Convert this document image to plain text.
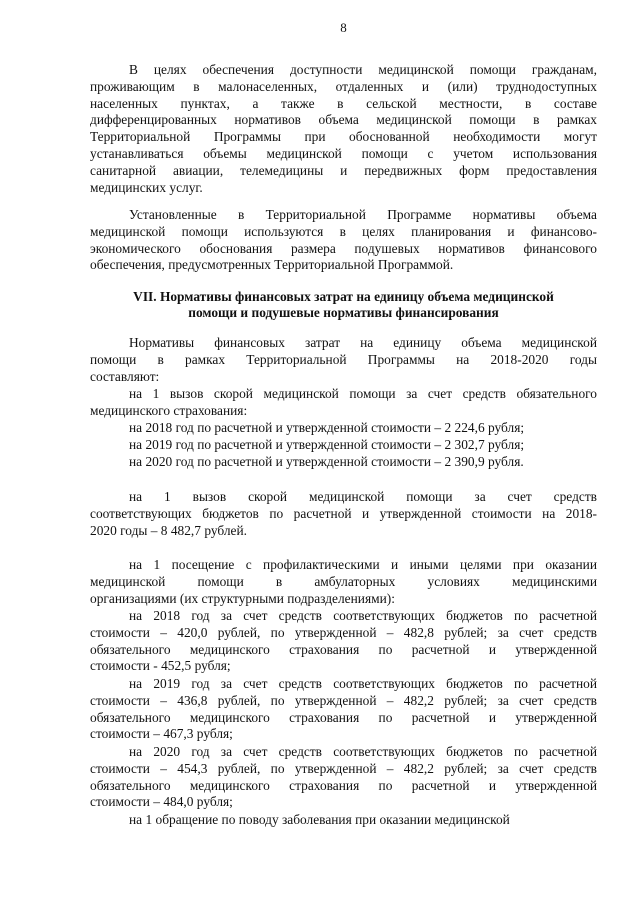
8
В целях обеспечения доступности медицинской помощи гражданам,
проживающим в малонаселенных, отдаленных и (или) труднодоступных
населенных пунктах, а также в сельской местности, в составе
дифференцированных нормативов объема медицинской помощи в рамках
Территориальной Программы при обоснованной необходимости могут
устанавливаться объемы медицинской помощи с учетом использования
санитарной авиации, телемедицины и передвижных форм предоставления
медицинских услуг.
Установленные в Территориальной Программе нормативы объема
медицинской помощи используются в целях планирования и финансово-
экономического обоснования размера подушевых нормативов финансового
обеспечения, предусмотренных Территориальной Программой.
VII. Нормативы финансовых затрат на единицу объема медицинской
помощи и подушевые нормативы финансирования
Нормативы финансовых затрат на единицу объема медицинской
помощи в рамках Территориальной Программы на 2018-2020 годы
составляют:
на 1 вызов скорой медицинской помощи за счет средств обязательного
медицинского страхования:
на 2018 год по расчетной и утвержденной стоимости – 2 224,6 рубля;
на 2019 год по расчетной и утвержденной стоимости – 2 302,7 рубля;
на 2020 год по расчетной и утвержденной стоимости – 2 390,9 рубля.
на 1 вызов скорой медицинской помощи за счет средств
соответствующих бюджетов по расчетной и утвержденной стоимости на 2018-
2020 годы – 8 482,7 рублей.
на 1 посещение с профилактическими и иными целями при оказании
медицинской помощи в амбулаторных условиях медицинскими
организациями (их структурными подразделениями):
на 2018 год за счет средств соответствующих бюджетов по расчетной
стоимости – 420,0 рублей, по утвержденной – 482,8 рублей; за счет средств
обязательного медицинского страхования по расчетной и утвержденной
стоимости - 452,5 рубля;
на 2019 год за счет средств соответствующих бюджетов по расчетной
стоимости – 436,8 рублей, по утвержденной – 482,2 рублей; за счет средств
обязательного медицинского страхования по расчетной и утвержденной
стоимости – 467,3 рубля;
на 2020 год за счет средств соответствующих бюджетов по расчетной
стоимости – 454,3 рублей, по утвержденной – 482,2 рублей; за счет средств
обязательного медицинского страхования по расчетной и утвержденной
стоимости – 484,0 рубля;
на 1 обращение по поводу заболевания при оказании медицинской
